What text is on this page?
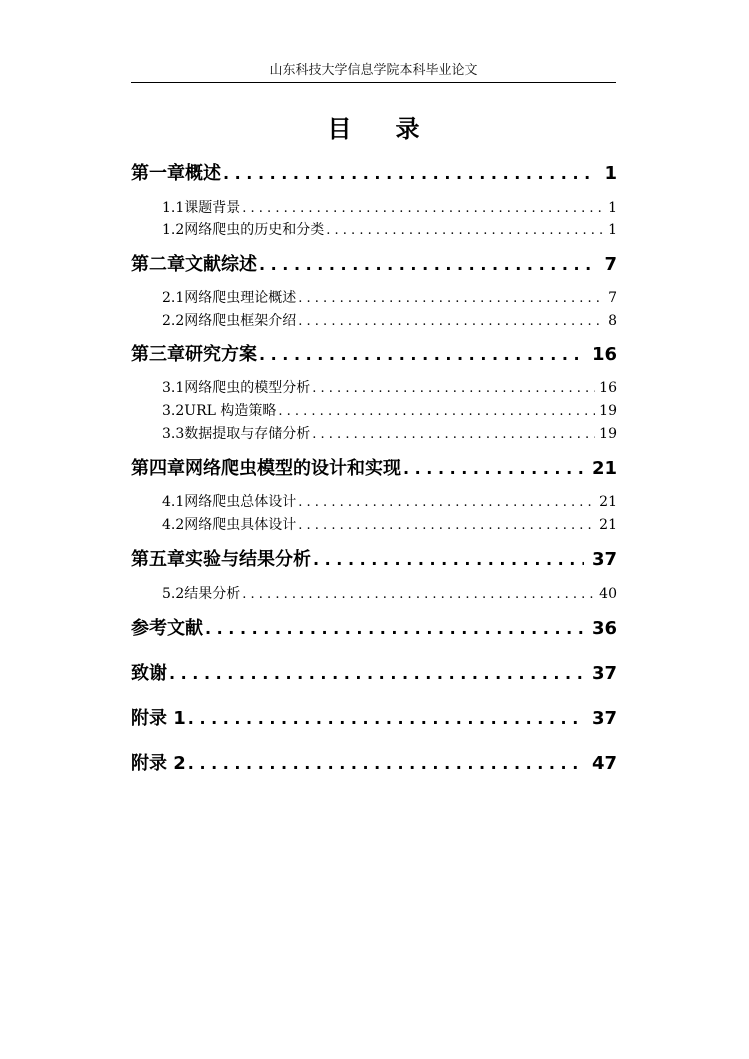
山东科技大学信息学院本科毕业论文
目 录
第一章 概述 . . .	1
1.1 课题背景 . . .	1
1.2 网络爬虫的历史和分类 . . .	1
第二章 文献综述 . . .	7
2.1 网络爬虫理论概述 . . .	7
2.2 网络爬虫框架介绍 . . .	8
第三章 研究方案 . . .	16
3.1 网络爬虫的模型分析 . . .	16
3.2 URL 构造策略 . . .	19
3.3 数据提取与存储分析 . . .	19
第四章 网络爬虫模型的设计和实现 . . .	21
4.1 网络爬虫总体设计 . . .	21
4.2 网络爬虫具体设计 . . .	21
第五章 实验与结果分析 . . .	37
5.2 结果分析 . . .	40
参考文献 . . .	36
致谢 . . .	37
附录 1 . . .	37
附录 2 . . .	47
